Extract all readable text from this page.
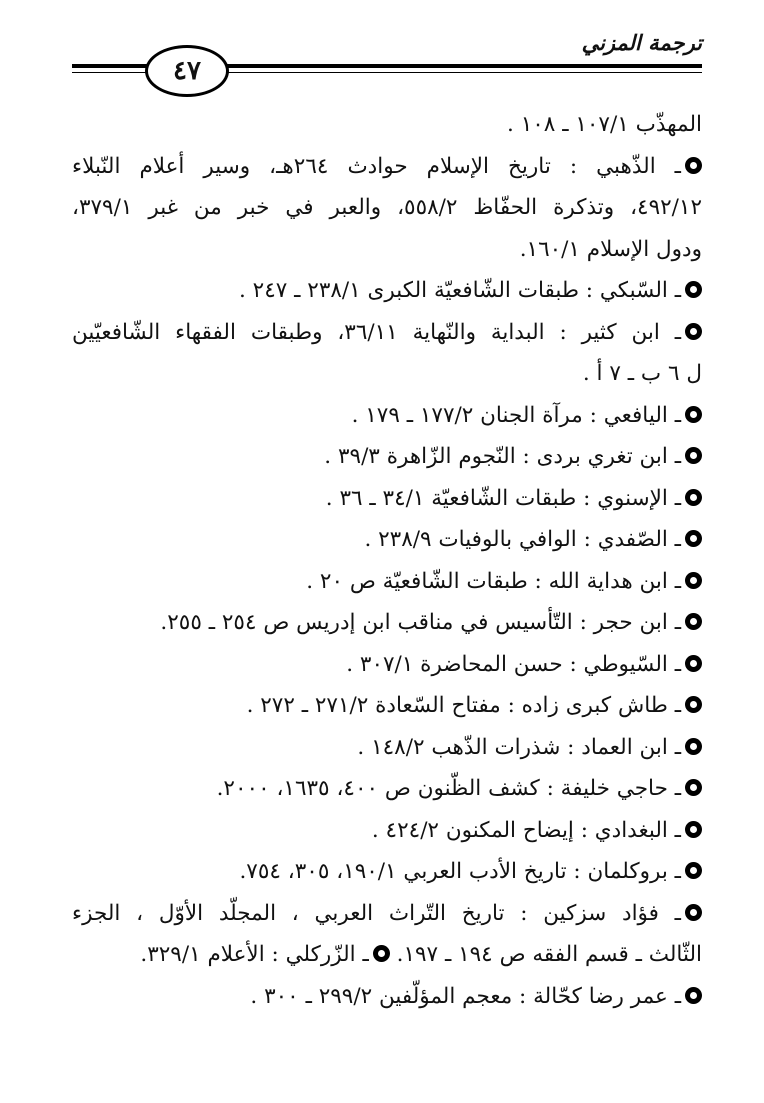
ترجمة المزني
٤٧
المهذّب ١٠٧/١ ـ ١٠٨ .
ـ الذّهبي : تاريخ الإسلام حوادث ٢٦٤هـ، وسير أعلام النّبلاء
٤٩٢/١٢، وتذكرة الحفّاظ ٥٥٨/٢، والعبر في خبر من غبر ٣٧٩/١،
ودول الإسلام ١٦٠/١.
ـ السّبكي : طبقات الشّافعيّة الكبرى ٢٣٨/١ ـ ٢٤٧ .
ـ ابن كثير : البداية والنّهاية ٣٦/١١، وطبقات الفقهاء الشّافعيّين
ل ٦ ب ـ ٧ أ .
ـ اليافعي : مرآة الجنان ١٧٧/٢ ـ ١٧٩ .
ـ ابن تغري بردى : النّجوم الزّاهرة ٣٩/٣ .
ـ الإسنوي : طبقات الشّافعيّة ٣٤/١ ـ ٣٦ .
ـ الصّفدي : الوافي بالوفيات ٢٣٨/٩ .
ـ ابن هداية الله : طبقات الشّافعيّة ص ٢٠ .
ـ ابن حجر : التّأسيس في مناقب ابن إدريس ص ٢٥٤ ـ ٢٥٥.
ـ السّيوطي : حسن المحاضرة ٣٠٧/١ .
ـ طاش كبرى زاده : مفتاح السّعادة ٢٧١/٢ ـ ٢٧٢ .
ـ ابن العماد : شذرات الذّهب ١٤٨/٢ .
ـ حاجي خليفة : كشف الظّنون ص ٤٠٠، ١٦٣٥، ٢٠٠٠.
ـ البغدادي : إيضاح المكنون ٤٢٤/٢ .
ـ بروكلمان : تاريخ الأدب العربي ١٩٠/١، ٣٠٥، ٧٥٤.
ـ فؤاد سزكين : تاريخ التّراث العربي ، المجلّد الأوّل ، الجزء
الثّالث ـ قسم الفقه ص ١٩٤ ـ ١٩٧. ـ الزّركلي : الأعلام ٣٢٩/١.
ـ عمر رضا كحّالة : معجم المؤلّفين ٢٩٩/٢ ـ ٣٠٠ .
